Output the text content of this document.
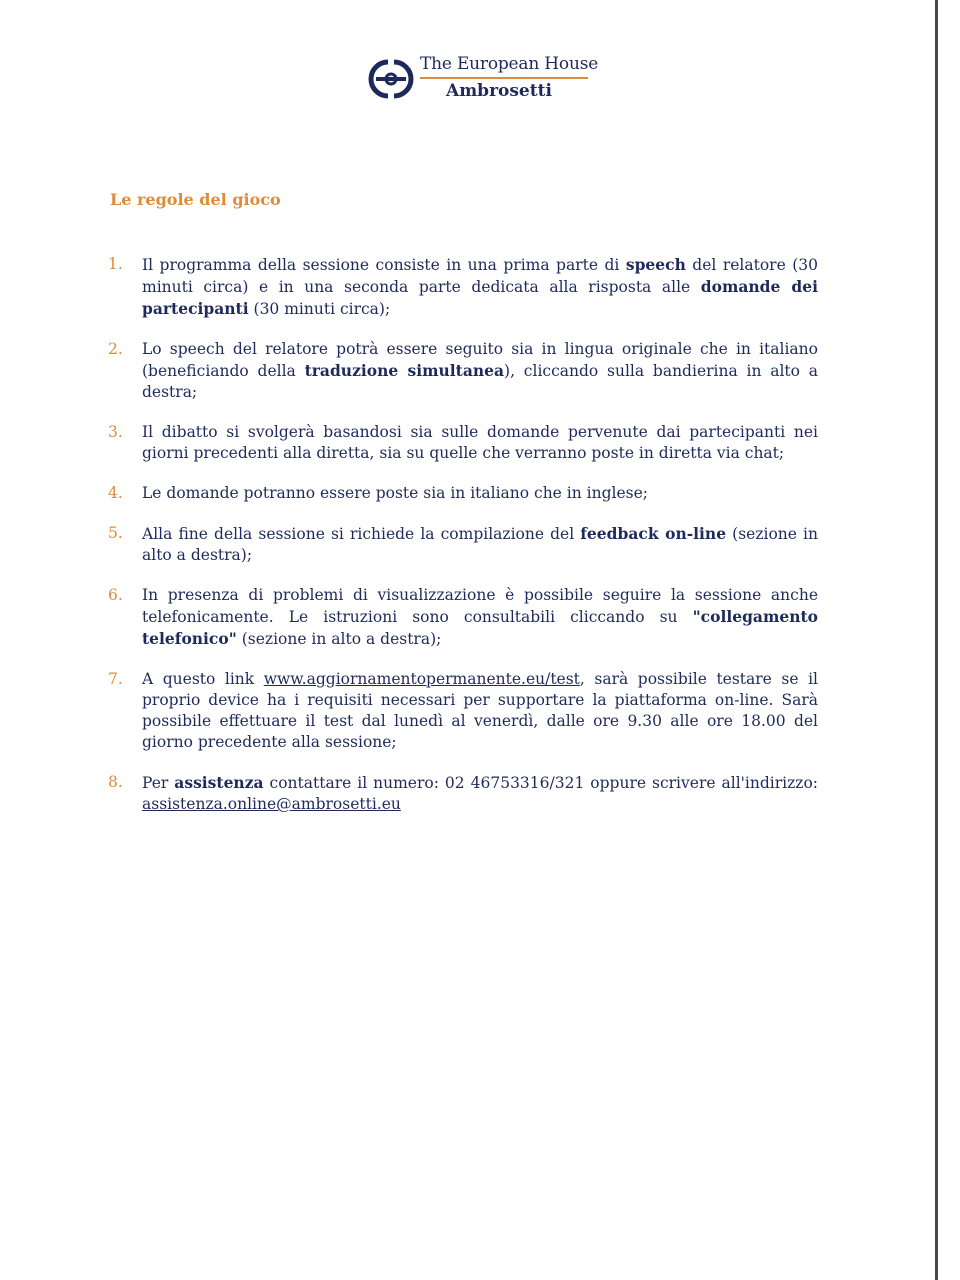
The European House
Ambrosetti
Le regole del gioco
1. Il programma della sessione consiste in una prima parte di speech del relatore (30 minuti circa) e in una seconda parte dedicata alla risposta alle domande dei partecipanti (30 minuti circa);
2. Lo speech del relatore potrà essere seguito sia in lingua originale che in italiano (beneficiando della traduzione simultanea), cliccando sulla bandierina in alto a destra;
3. Il dibatto si svolgerà basandosi sia sulle domande pervenute dai partecipanti nei giorni precedenti alla diretta, sia su quelle che verranno poste in diretta via chat;
4. Le domande potranno essere poste sia in italiano che in inglese;
5. Alla fine della sessione si richiede la compilazione del feedback on-line (sezione in alto a destra);
6. In presenza di problemi di visualizzazione è possibile seguire la sessione anche telefonicamente. Le istruzioni sono consultabili cliccando su "collegamento telefonico" (sezione in alto a destra);
7. A questo link www.aggiornamentopermanente.eu/test, sarà possibile testare se il proprio device ha i requisiti necessari per supportare la piattaforma on-line. Sarà possibile effettuare il test dal lunedì al venerdì, dalle ore 9.30 alle ore 18.00 del giorno precedente alla sessione;
8. Per assistenza contattare il numero: 02 46753316/321 oppure scrivere all'indirizzo: assistenza.online@ambrosetti.eu
